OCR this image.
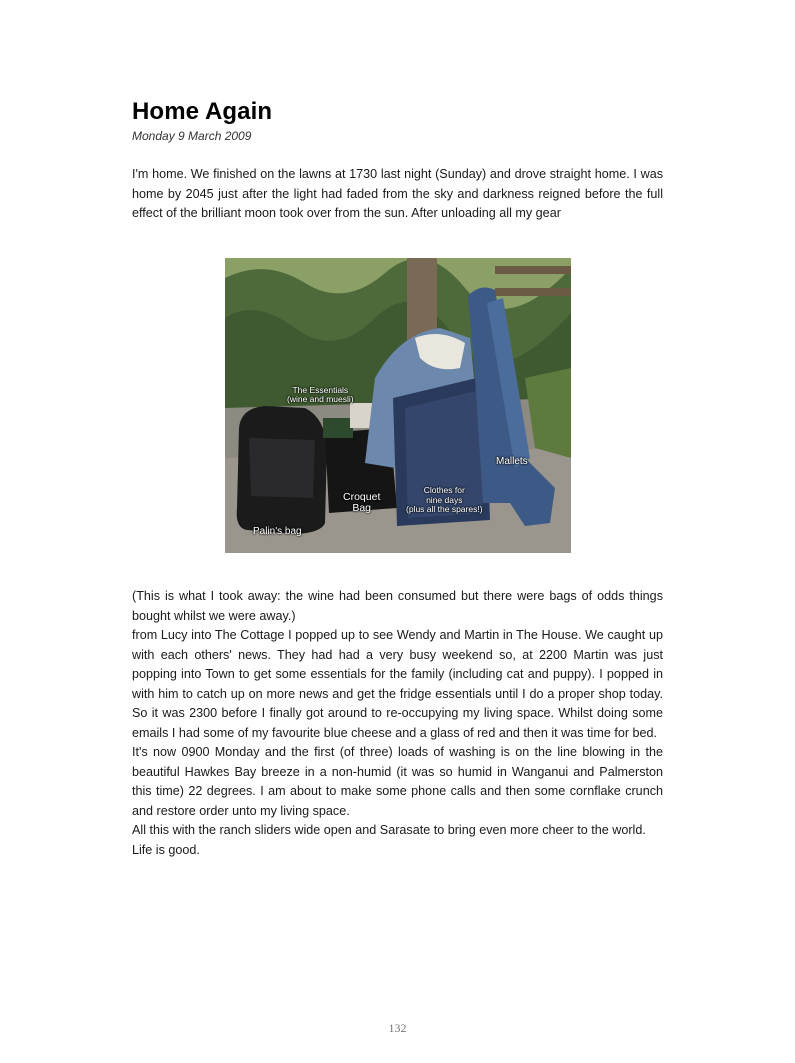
Home Again
Monday 9 March 2009

I'm home. We finished on the lawns at 1730 last night (Sunday) and drove straight home. I was home by 2045 just after the light had faded from the sky and darkness reigned before the full effect of the brilliant moon took over from the sun. After unloading all my gear

The Essentials
(wine and muesli)
Mallets
Croquet
Bag
Clothes for
nine days
(plus all the spares!)
Palin's bag

(This is what I took away: the wine had been consumed but there were bags of odds things bought whilst we were away.)

from Lucy into The Cottage I popped up to see Wendy and Martin in The House. We caught up with each others' news. They had had a very busy weekend so, at 2200 Martin was just popping into Town to get some essentials for the family (including cat and puppy). I popped in with him to catch up on more news and get the fridge essentials until I do a proper shop today. So it was 2300 before I finally got around to re-occupying my living space. Whilst doing some emails I had some of my favourite blue cheese and a glass of red and then it was time for bed.

It's now 0900 Monday and the first (of three) loads of washing is on the line blowing in the beautiful Hawkes Bay breeze in a non-humid (it was so humid in Wanganui and Palmerston this time) 22 degrees. I am about to make some phone calls and then some cornflake crunch and restore order unto my living space.

All this with the ranch sliders wide open and Sarasate to bring even more cheer to the world.

Life is good.

132
